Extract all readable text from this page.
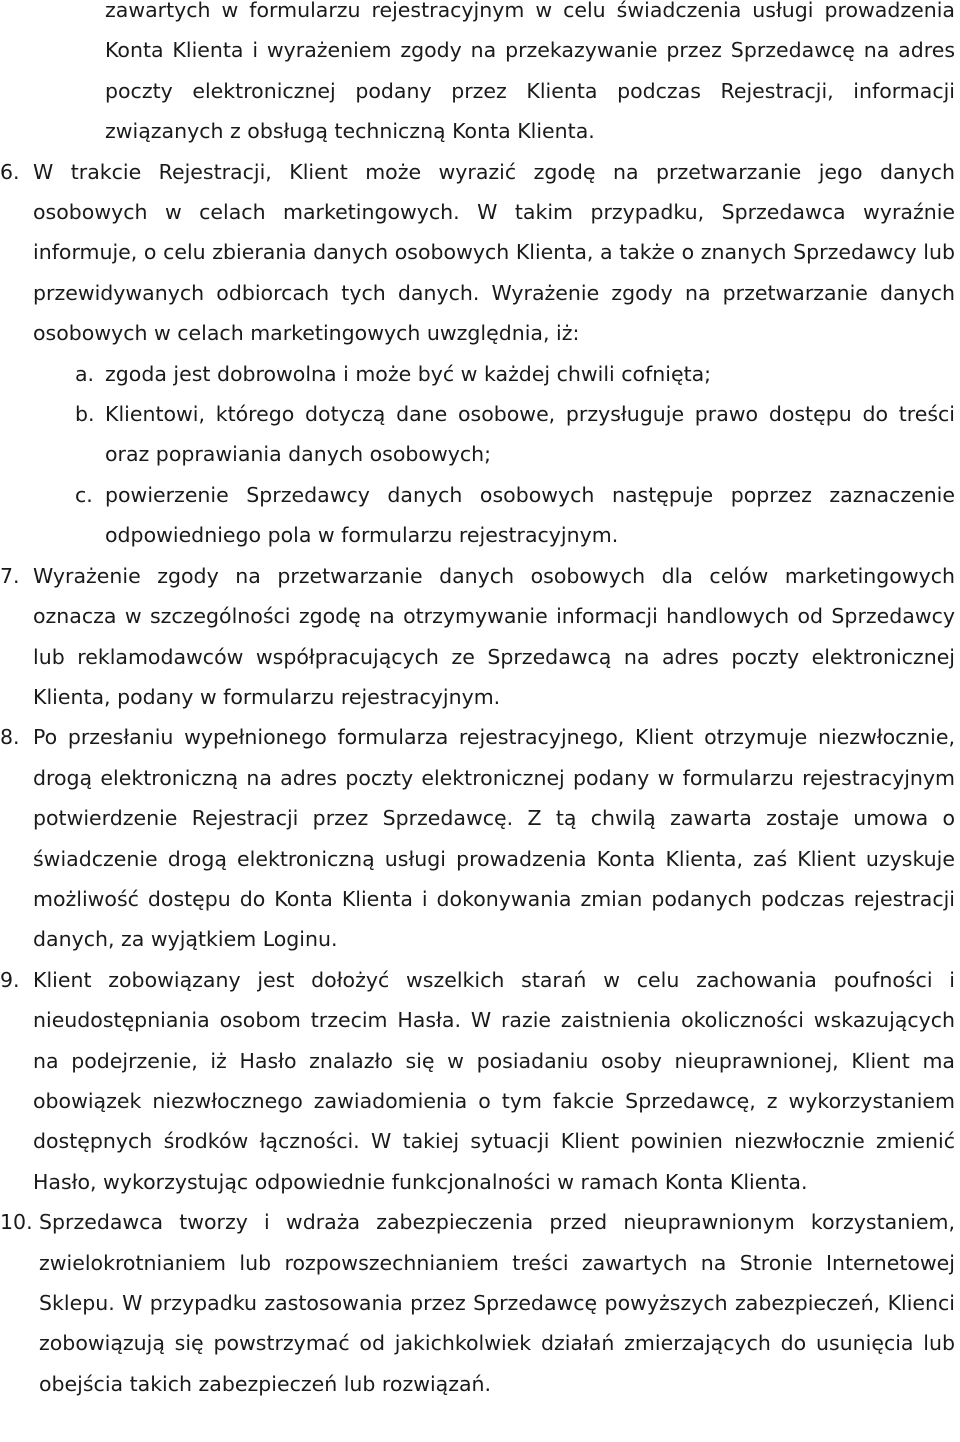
zawartych w formularzu rejestracyjnym w celu świadczenia usługi prowadzenia Konta Klienta i wyrażeniem zgody na przekazywanie przez Sprzedawcę na adres poczty elektronicznej podany przez Klienta podczas Rejestracji, informacji związanych z obsługą techniczną Konta Klienta.

6. W trakcie Rejestracji, Klient może wyrazić zgodę na przetwarzanie jego danych osobowych w celach marketingowych. W takim przypadku, Sprzedawca wyraźnie informuje, o celu zbierania danych osobowych Klienta, a także o znanych Sprzedawcy lub przewidywanych odbiorcach tych danych. Wyrażenie zgody na przetwarzanie danych osobowych w celach marketingowych uwzględnia, iż:
a. zgoda jest dobrowolna i może być w każdej chwili cofnięta;
b. Klientowi, którego dotyczą dane osobowe, przysługuje prawo dostępu do treści oraz poprawiania danych osobowych;
c. powierzenie Sprzedawcy danych osobowych następuje poprzez zaznaczenie odpowiedniego pola w formularzu rejestracyjnym.
7. Wyrażenie zgody na przetwarzanie danych osobowych dla celów marketingowych oznacza w szczególności zgodę na otrzymywanie informacji handlowych od Sprzedawcy lub reklamodawców współpracujących ze Sprzedawcą na adres poczty elektronicznej Klienta, podany w formularzu rejestracyjnym.
8. Po przesłaniu wypełnionego formularza rejestracyjnego, Klient otrzymuje niezwłocznie, drogą elektroniczną na adres poczty elektronicznej podany w formularzu rejestracyjnym potwierdzenie Rejestracji przez Sprzedawcę. Z tą chwilą zawarta zostaje umowa o świadczenie drogą elektroniczną usługi prowadzenia Konta Klienta, zaś Klient uzyskuje możliwość dostępu do Konta Klienta i dokonywania zmian podanych podczas rejestracji danych, za wyjątkiem Loginu.
9. Klient zobowiązany jest dołożyć wszelkich starań w celu zachowania poufności i nieudostępniania osobom trzecim Hasła. W razie zaistnienia okoliczności wskazujących na podejrzenie, iż Hasło znalazło się w posiadaniu osoby nieuprawnionej, Klient ma obowiązek niezwłocznego zawiadomienia o tym fakcie Sprzedawcę, z wykorzystaniem dostępnych środków łączności. W takiej sytuacji Klient powinien niezwłocznie zmienić Hasło, wykorzystując odpowiednie funkcjonalności w ramach Konta Klienta.
10. Sprzedawca tworzy i wdraża zabezpieczenia przed nieuprawnionym korzystaniem, zwielokrotnianiem lub rozpowszechnianiem treści zawartych na Stronie Internetowej Sklepu. W przypadku zastosowania przez Sprzedawcę powyższych zabezpieczeń, Klienci zobowiązują się powstrzymać od jakichkolwiek działań zmierzających do usunięcia lub obejścia takich zabezpieczeń lub rozwiązań.
